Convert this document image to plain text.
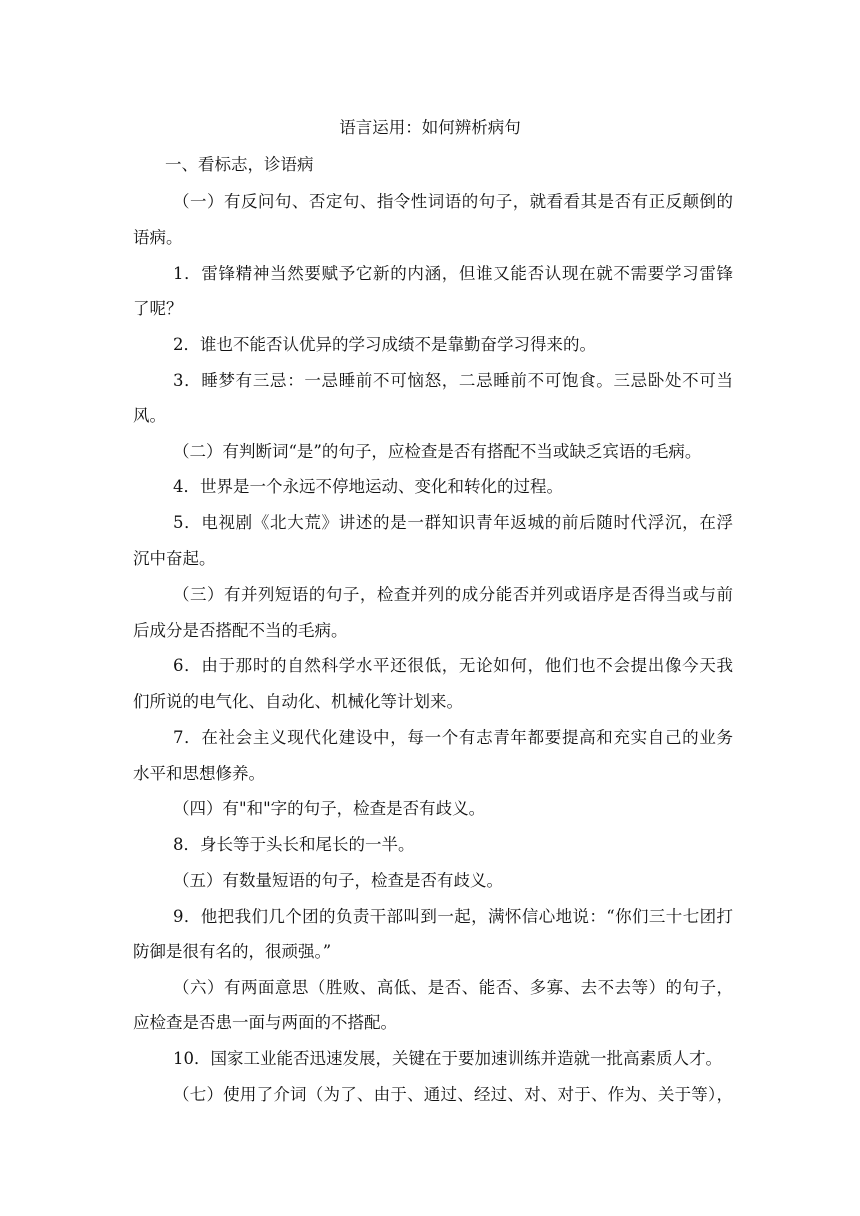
语言运用：如何辨析病句
一、看标志，诊语病
（一）有反问句、否定句、指令性词语的句子，就看看其是否有正反颠倒的
语病。
1．雷锋精神当然要赋予它新的内涵，但谁又能否认现在就不需要学习雷锋
了呢？
2．谁也不能否认优异的学习成绩不是靠勤奋学习得来的。
3．睡梦有三忌：一忌睡前不可恼怒，二忌睡前不可饱食。三忌卧处不可当
风。
（二）有判断词“是”的句子，应检查是否有搭配不当或缺乏宾语的毛病。
4．世界是一个永远不停地运动、变化和转化的过程。
5．电视剧《北大荒》讲述的是一群知识青年返城的前后随时代浮沉，在浮
沉中奋起。
（三）有并列短语的句子，检查并列的成分能否并列或语序是否得当或与前
后成分是否搭配不当的毛病。
6．由于那时的自然科学水平还很低，无论如何，他们也不会提出像今天我
们所说的电气化、自动化、机械化等计划来。
7．在社会主义现代化建设中，每一个有志青年都要提高和充实自己的业务
水平和思想修养。
（四）有"和"字的句子，检查是否有歧义。
8．身长等于头长和尾长的一半。
（五）有数量短语的句子，检查是否有歧义。
9．他把我们几个团的负责干部叫到一起，满怀信心地说：“你们三十七团打
防御是很有名的，很顽强。”
（六）有两面意思（胜败、高低、是否、能否、多寡、去不去等）的句子，
应检查是否患一面与两面的不搭配。
10．国家工业能否迅速发展，关键在于要加速训练并造就一批高素质人才。
（七）使用了介词（为了、由于、通过、经过、对、对于、作为、关于等），
